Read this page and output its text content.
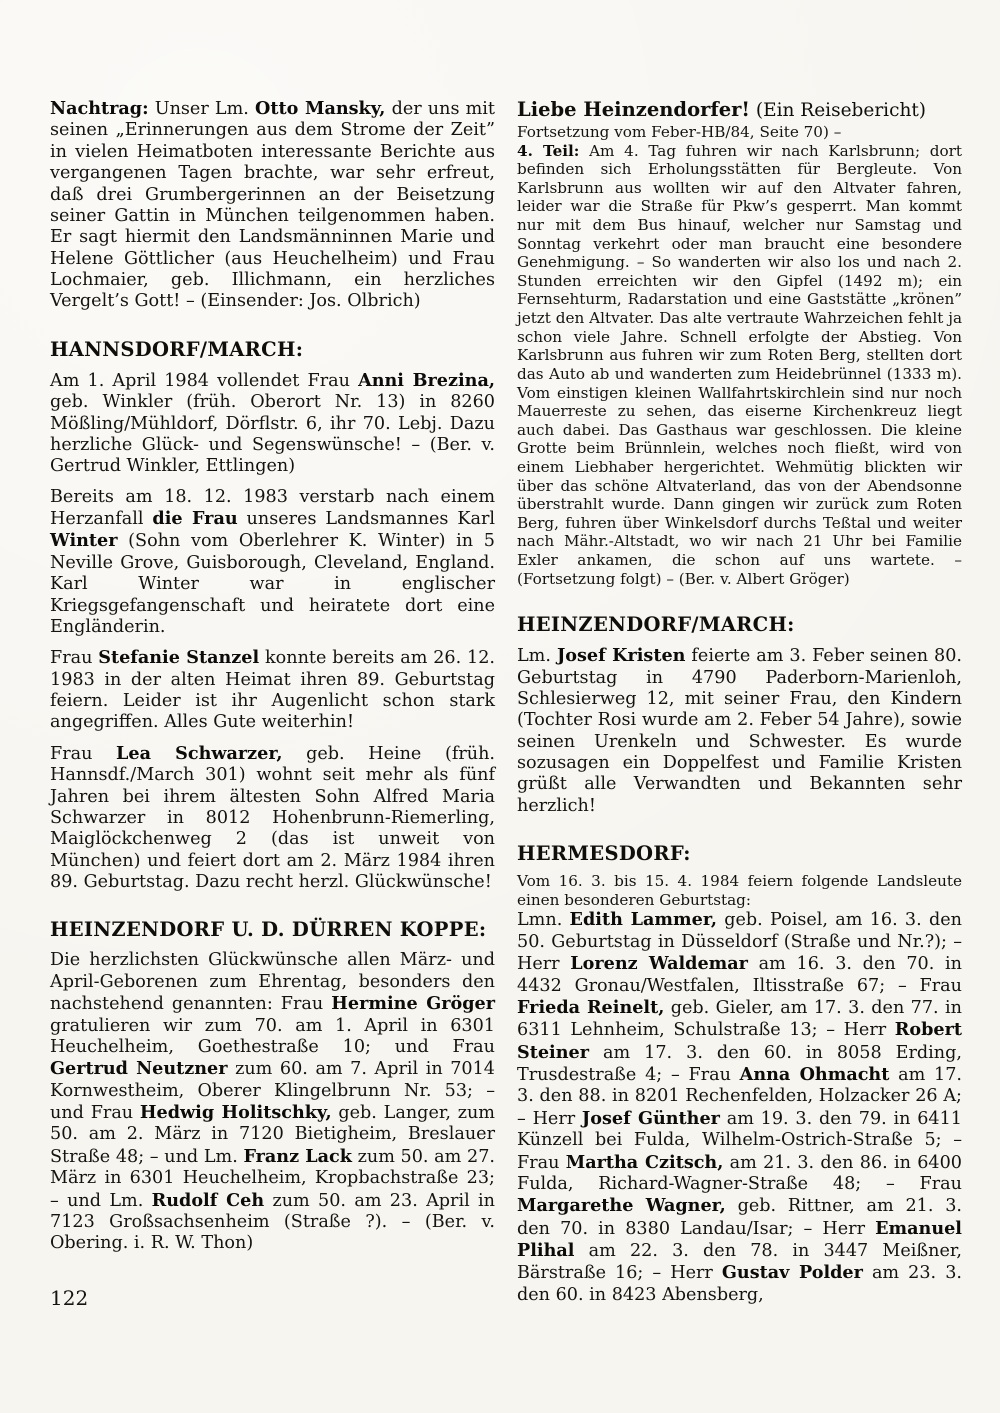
Nachtrag: Unser Lm. Otto Mansky, der uns mit seinen „Erinnerungen aus dem Strome der Zeit” in vielen Heimatboten interessante Berichte aus vergangenen Tagen brachte, war sehr erfreut, daß drei Grumbergerinnen an der Beisetzung seiner Gattin in München teilgenommen haben. Er sagt hiermit den Landsmänninnen Marie und Helene Göttlicher (aus Heuchelheim) und Frau Lochmaier, geb. Illichmann, ein herzliches Vergelt’s Gott! – (Einsender: Jos. Olbrich)

HANNSDORF/MARCH:

Am 1. April 1984 vollendet Frau Anni Brezina, geb. Winkler (früh. Oberort Nr. 13) in 8260 Mößling/Mühldorf, Dörflstr. 6, ihr 70. Lebj. Dazu herzliche Glück- und Segenswünsche! – (Ber. v. Gertrud Winkler, Ettlingen)

Bereits am 18. 12. 1983 verstarb nach einem Herzanfall die Frau unseres Landsmannes Karl Winter (Sohn vom Oberlehrer K. Winter) in 5 Neville Grove, Guisborough, Cleveland, England. Karl Winter war in englischer Kriegsgefangenschaft und heiratete dort eine Engländerin.

Frau Stefanie Stanzel konnte bereits am 26. 12. 1983 in der alten Heimat ihren 89. Geburtstag feiern. Leider ist ihr Augenlicht schon stark angegriffen. Alles Gute weiterhin!

Frau Lea Schwarzer, geb. Heine (früh. Hannsdf./March 301) wohnt seit mehr als fünf Jahren bei ihrem ältesten Sohn Alfred Maria Schwarzer in 8012 Hohenbrunn-Riemerling, Maiglöckchenweg 2 (das ist unweit von München) und feiert dort am 2. März 1984 ihren 89. Geburtstag. Dazu recht herzl. Glückwünsche!

HEINZENDORF U. D. DÜRREN KOPPE:

Die herzlichsten Glückwünsche allen März- und April-Geborenen zum Ehrentag, besonders den nachstehend genannten: Frau Hermine Gröger gratulieren wir zum 70. am 1. April in 6301 Heuchelheim, Goethestraße 10; und Frau Gertrud Neutzner zum 60. am 7. April in 7014 Kornwestheim, Oberer Klingelbrunn Nr. 53; – und Frau Hedwig Holitschky, geb. Langer, zum 50. am 2. März in 7120 Bietigheim, Breslauer Straße 48; – und Lm. Franz Lack zum 50. am 27. März in 6301 Heuchelheim, Kropbachstraße 23; – und Lm. Rudolf Ceh zum 50. am 23. April in 7123 Großsachsenheim (Straße ?). – (Ber. v. Obering. i. R. W. Thon)

Liebe Heinzendorfer! (Ein Reisebericht)

Fortsetzung vom Feber-HB/84, Seite 70) –

4. Teil: Am 4. Tag fuhren wir nach Karlsbrunn; dort befinden sich Erholungsstätten für Bergleute. Von Karlsbrunn aus wollten wir auf den Altvater fahren, leider war die Straße für Pkw’s gesperrt. Man kommt nur mit dem Bus hinauf, welcher nur Samstag und Sonntag verkehrt oder man braucht eine besondere Genehmigung. – So wanderten wir also los und nach 2. Stunden erreichten wir den Gipfel (1492 m); ein Fernsehturm, Radarstation und eine Gaststätte „krönen” jetzt den Altvater. Das alte vertraute Wahrzeichen fehlt ja schon viele Jahre. Schnell erfolgte der Abstieg. Von Karlsbrunn aus fuhren wir zum Roten Berg, stellten dort das Auto ab und wanderten zum Heidebrünnel (1333 m). Vom einstigen kleinen Wallfahrtskirchlein sind nur noch Mauerreste zu sehen, das eiserne Kirchenkreuz liegt auch dabei. Das Gasthaus war geschlossen. Die kleine Grotte beim Brünnlein, welches noch fließt, wird von einem Liebhaber hergerichtet. Wehmütig blickten wir über das schöne Altvaterland, das von der Abendsonne überstrahlt wurde. Dann gingen wir zurück zum Roten Berg, fuhren über Winkelsdorf durchs Teßtal und weiter nach Mähr.-Altstadt, wo wir nach 21 Uhr bei Familie Exler ankamen, die schon auf uns wartete. – (Fortsetzung folgt) – (Ber. v. Albert Gröger)

HEINZENDORF/MARCH:

Lm. Josef Kristen feierte am 3. Feber seinen 80. Geburtstag in 4790 Paderborn-Marienloh, Schlesierweg 12, mit seiner Frau, den Kindern (Tochter Rosi wurde am 2. Feber 54 Jahre), sowie seinen Urenkeln und Schwester. Es wurde sozusagen ein Doppelfest und Familie Kristen grüßt alle Verwandten und Bekannten sehr herzlich!

HERMESDORF:

Vom 16. 3. bis 15. 4. 1984 feiern folgende Landsleute einen besonderen Geburtstag:

Lmn. Edith Lammer, geb. Poisel, am 16. 3. den 50. Geburtstag in Düsseldorf (Straße und Nr.?); – Herr Lorenz Waldemar am 16. 3. den 70. in 4432 Gronau/Westfalen, Iltisstraße 67; – Frau Frieda Reinelt, geb. Gieler, am 17. 3. den 77. in 6311 Lehnheim, Schulstraße 13; – Herr Robert Steiner am 17. 3. den 60. in 8058 Erding, Trusdestraße 4; – Frau Anna Ohmacht am 17. 3. den 88. in 8201 Rechenfelden, Holzacker 26 A; – Herr Josef Günther am 19. 3. den 79. in 6411 Künzell bei Fulda, Wilhelm-Ostrich-Straße 5; – Frau Martha Czitsch, am 21. 3. den 86. in 6400 Fulda, Richard-Wagner-Straße 48; – Frau Margarethe Wagner, geb. Rittner, am 21. 3. den 70. in 8380 Landau/Isar; – Herr Emanuel Plihal am 22. 3. den 78. in 3447 Meißner, Bärstraße 16; – Herr Gustav Polder am 23. 3. den 60. in 8423 Abensberg,

122
